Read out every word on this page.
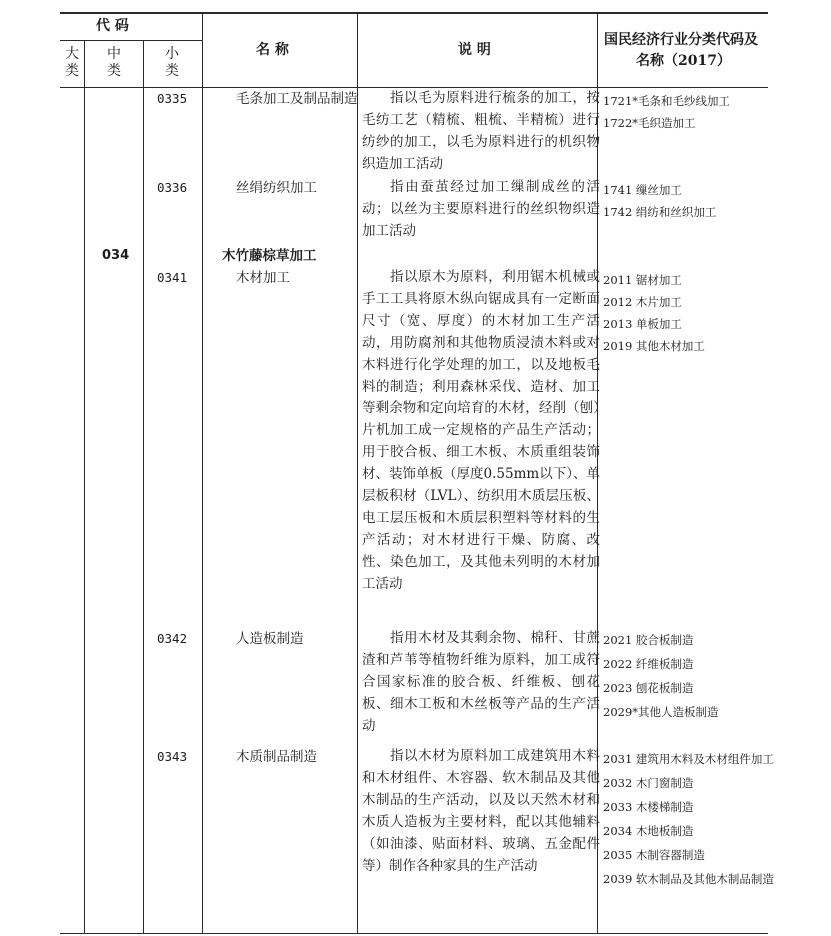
代 码
大类
中类
小类
名 称	说 明
国民经济行业分类代码及
名称（2017）
0335	毛条加工及制品制造	指以毛为原料进行梳条的加工，按毛纺工艺（精梳、粗梳、半精梳）进行纺纱的加工，以毛为原料进行的机织物织造加工活动
1721*毛条和毛纱线加工
1722*毛织造加工
0336	丝绢纺织加工	指由蚕茧经过加工缫制成丝的活动；以丝为主要原料进行的丝织物织造加工活动
1741 缫丝加工
1742 绢纺和丝织加工
034	木竹藤棕草加工
0341	木材加工	指以原木为原料，利用锯木机械或手工工具将原木纵向锯成具有一定断面尺寸（宽、厚度）的木材加工生产活动，用防腐剂和其他物质浸渍木料或对木料进行化学处理的加工，以及地板毛料的制造；利用森林采伐、造材、加工等剩余物和定向培育的木材，经削（刨）片机加工成一定规格的产品生产活动；用于胶合板、细工木板、木质重组装饰材、装饰单板（厚度0.55mm以下）、单层板积材（LVL）、纺织用木质层压板、电工层压板和木质层积塑料等材料的生产活动；对木材进行干燥、防腐、改性、染色加工，及其他未列明的木材加工活动
2011 锯材加工
2012 木片加工
2013 单板加工
2019 其他木材加工
0342	人造板制造	指用木材及其剩余物、棉秆、甘蔗渣和芦苇等植物纤维为原料，加工成符合国家标准的胶合板、纤维板、刨花板、细木工板和木丝板等产品的生产活动
2021 胶合板制造
2022 纤维板制造
2023 刨花板制造
2029*其他人造板制造
0343	木质制品制造	指以木材为原料加工成建筑用木料和木材组件、木容器、软木制品及其他木制品的生产活动，以及以天然木材和木质人造板为主要材料，配以其他辅料（如油漆、贴面材料、玻璃、五金配件等）制作各种家具的生产活动
2031 建筑用木料及木材组件加工
2032 木门窗制造
2033 木楼梯制造
2034 木地板制造
2035 木制容器制造
2039 软木制品及其他木制品制造
